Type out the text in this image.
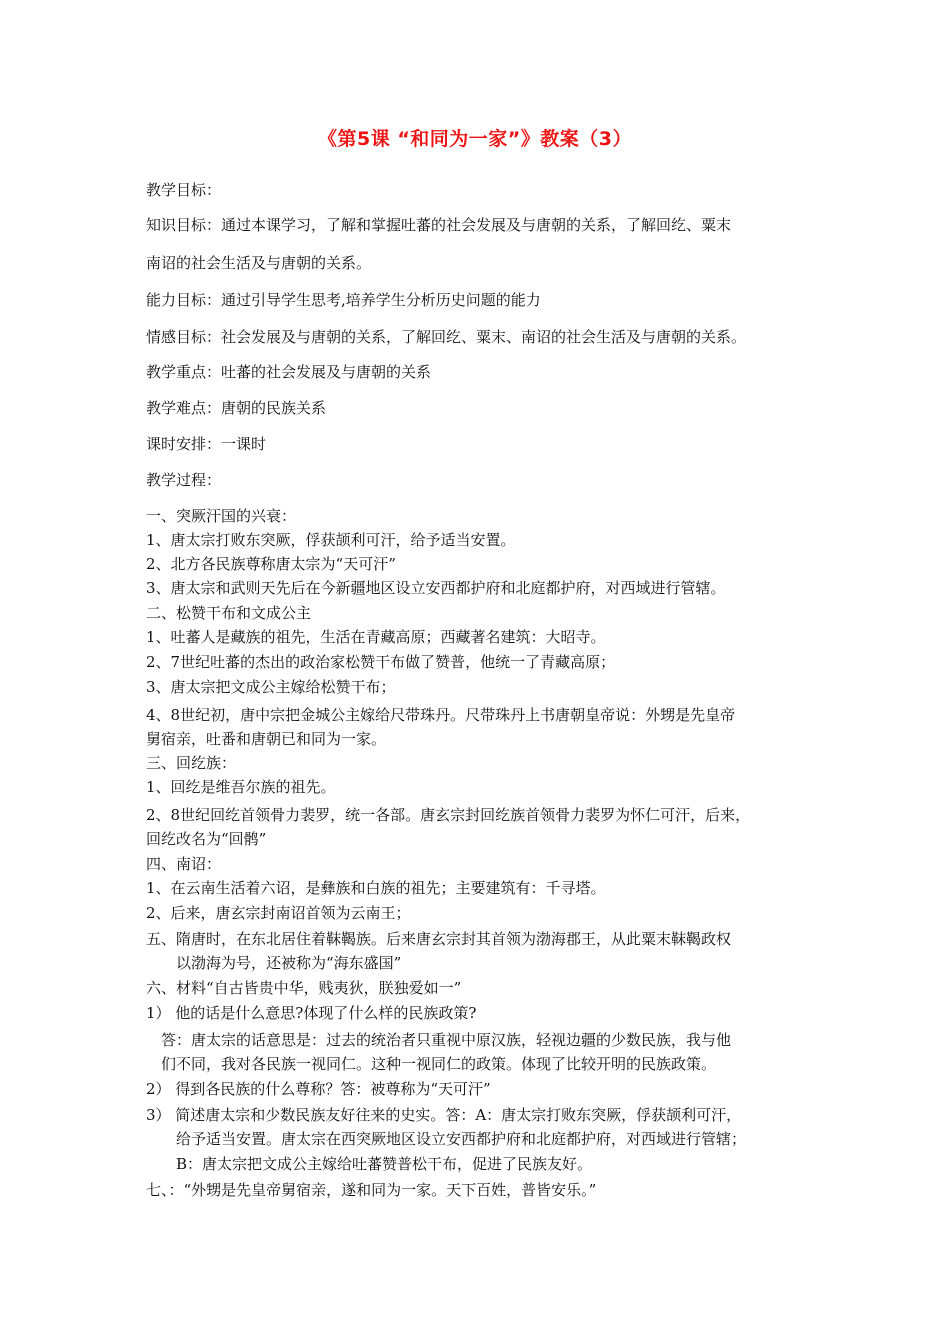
《第5课 “和同为一家”》教案（3）
教学目标：
知识目标：通过本课学习，了解和掌握吐蕃的社会发展及与唐朝的关系，了解回纥、粟末
南诏的社会生活及与唐朝的关系。
能力目标：通过引导学生思考,培养学生分析历史问题的能力
情感目标：社会发展及与唐朝的关系，了解回纥、粟末、南诏的社会生活及与唐朝的关系。
教学重点：吐蕃的社会发展及与唐朝的关系
教学难点：唐朝的民族关系
课时安排：一课时
教学过程：
一、突厥汗国的兴衰：
1、唐太宗打败东突厥，俘获颉利可汗，给予适当安置。
2、北方各民族尊称唐太宗为“天可汗”
3、唐太宗和武则天先后在今新疆地区设立安西都护府和北庭都护府，对西域进行管辖。
二、松赞干布和文成公主
1、吐蕃人是藏族的祖先，生活在青藏高原；西藏著名建筑：大昭寺。
2、7世纪吐蕃的杰出的政治家松赞干布做了赞普，他统一了青藏高原；
3、唐太宗把文成公主嫁给松赞干布；
4、8世纪初，唐中宗把金城公主嫁给尺带珠丹。尺带珠丹上书唐朝皇帝说：外甥是先皇帝
舅宿亲，吐番和唐朝已和同为一家。
三、回纥族：
1、回纥是维吾尔族的祖先。
2、8世纪回纥首领骨力裴罗，统一各部。唐玄宗封回纥族首领骨力裴罗为怀仁可汗，后来，
回纥改名为“回鹘”
四、南诏：
1、在云南生活着六诏，是彝族和白族的祖先；主要建筑有：千寻塔。
2、后来，唐玄宗封南诏首领为云南王；
五、隋唐时，在东北居住着靺鞨族。后来唐玄宗封其首领为渤海郡王，从此粟末靺鞨政权
　　以渤海为号，还被称为“海东盛国”
六、材料“自古皆贵中华，贱夷狄，朕独爱如一”
1） 他的话是什么意思?体现了什么样的民族政策?
　答：唐太宗的话意思是：过去的统治者只重视中原汉族，轻视边疆的少数民族，我与他
　们不同，我对各民族一视同仁。这种一视同仁的政策。体现了比较开明的民族政策。
2） 得到各民族的什么尊称？答：被尊称为“天可汗”
3） 简述唐太宗和少数民族友好往来的史实。答：A：唐太宗打败东突厥，俘获颉利可汗，
　　给予适当安置。唐太宗在西突厥地区设立安西都护府和北庭都护府，对西域进行管辖；
　　B：唐太宗把文成公主嫁给吐蕃赞普松干布，促进了民族友好。
七、：“外甥是先皇帝舅宿亲，遂和同为一家。天下百姓，普皆安乐。”
